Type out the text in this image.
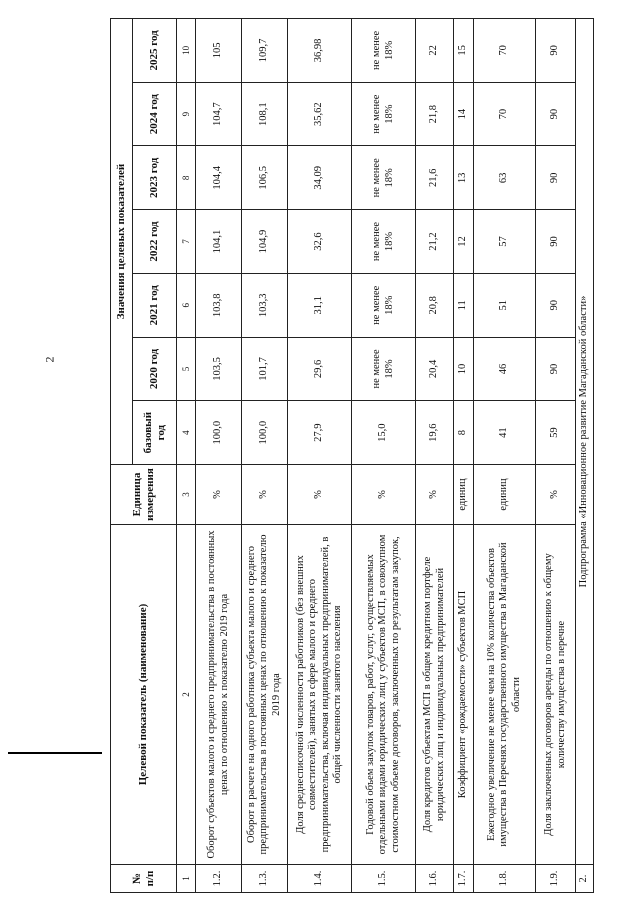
2
№ п/п	Целевой показатель (наименование)	Единица измерения	Значения целевых показателей						
			базовый год	2020 год	2021 год	2022 год	2023 год	2024 год	2025 год
1	2	3	4	5	6	7	8	9	10
1.2.	Оборот субъектов малого и среднего предпринимательства в постоянных ценах по отношению к показателю 2019 года	%	100,0	103,5	103,8	104,1	104,4	104,7	105
1.3.	Оборот в расчете на одного работника субъекта малого и среднего предпринимательства в постоянных ценах по отношению к показателю 2019 года	%	100,0	101,7	103,3	104,9	106,5	108,1	109,7
1.4.	Доля среднесписочной численности работников (без внешних совместителей), занятых в сфере малого и среднего предпринимательства, включая индивидуальных предпринимателей, в общей численности занятого населения	%	27,9	29,6	31,1	32,6	34,09	35,62	36,98
1.5.	Годовой объем закупок товаров, работ, услуг, осуществляемых отдельными видами юридических лиц у субъектов МСП, в совокупном стоимостном объеме договоров, заключенных по результатам закупок,	%	15,0	не менее 18%	не менее 18%	не менее 18%	не менее 18%	не менее 18%	не менее 18%
1.6.	Доля кредитов субъектам МСП в общем кредитном портфеле юридических лиц и индивидуальных предпринимателей	%	19,6	20,4	20,8	21,2	21,6	21,8	22
1.7.	Коэффициент «рождаемости» субъектов МСП	единиц	8	10	11	12	13	14	15
1.8.	Ежегодное увеличение не менее чем на 10% количества объектов имущества в Перечнях государственного имущества в Магаданской области	единиц	41	46	51	57	63	70	70
1.9.	Доля заключенных договоров аренды по отношению к общему количеству имущества в перечне	%	59	90	90	90	90	90	90
2.	Подпрограмма «Инновационное развитие Магаданской области»								
